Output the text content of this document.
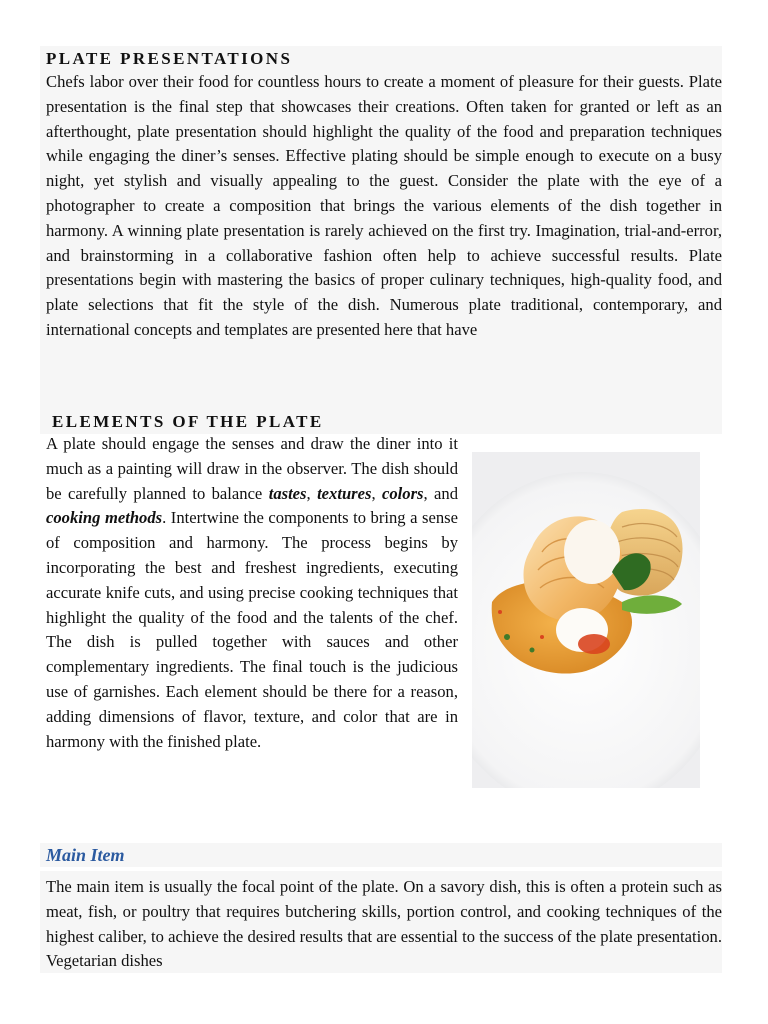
PLATE PRESENTATIONS

Chefs labor over their food for countless hours to create a moment of pleasure for their guests. Plate presentation is the final step that showcases their creations. Often taken for granted or left as an afterthought, plate presentation should highlight the quality of the food and preparation techniques while engaging the diner’s senses. Effective plating should be simple enough to execute on a busy night, yet stylish and visually appealing to the guest. Consider the plate with the eye of a photographer to create a composition that brings the various elements of the dish together in harmony. A winning plate presentation is rarely achieved on the first try. Imagination, trial-and-error, and brainstorming in a collaborative fashion often help to achieve successful results. Plate presentations begin with mastering the basics of proper culinary techniques, high-quality food, and plate selections that fit the style of the dish. Numerous plate traditional, contemporary, and international concepts and templates are presented here that have

ELEMENTS OF THE PLATE

A plate should engage the senses and draw the diner into it much as a painting will draw in the observer. The dish should be carefully planned to balance tastes, textures, colors, and cooking methods. Intertwine the components to bring a sense of composition and harmony. The process begins by incorporating the best and freshest ingredients, executing accurate knife cuts, and using precise cooking techniques that highlight the quality of the food and the talents of the chef. The dish is pulled together with sauces and other complementary ingredients. The final touch is the judicious use of garnishes. Each element should be there for a reason, adding dimensions of flavor, texture, and color that are in harmony with the finished plate.

Main Item

The main item is usually the focal point of the plate. On a savory dish, this is often a protein such as meat, fish, or poultry that requires butchering skills, portion control, and cooking techniques of the highest caliber, to achieve the desired results that are essential to the success of the plate presentation. Vegetarian dishes
